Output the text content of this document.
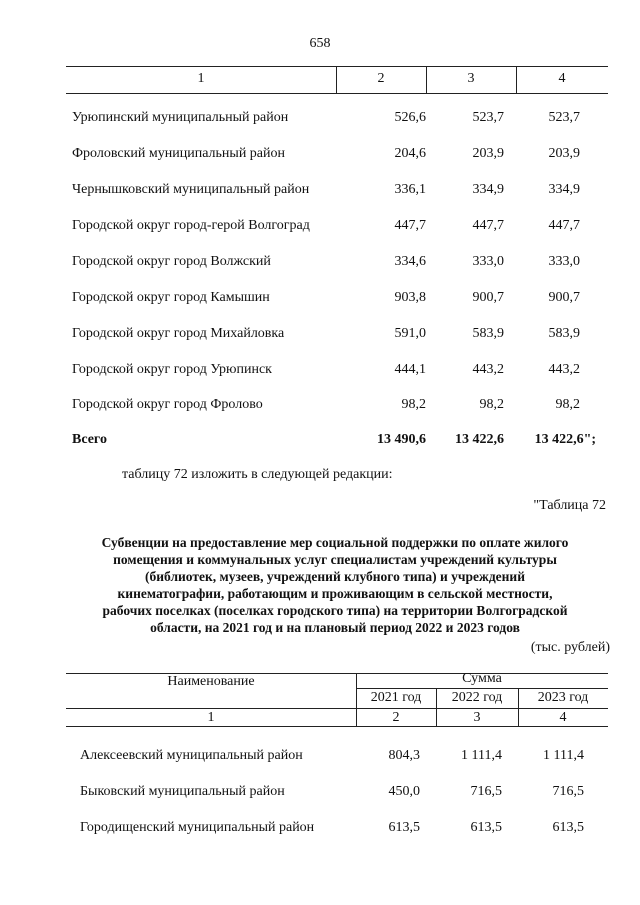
658
1	2	3	4
Урюпинский муниципальный район	526,6	523,7	523,7
Фроловский муниципальный район	204,6	203,9	203,9
Чернышковский муниципальный район	336,1	334,9	334,9
Городской округ город-герой Волгоград	447,7	447,7	447,7
Городской округ город Волжский	334,6	333,0	333,0
Городской округ город Камышин	903,8	900,7	900,7
Городской округ город Михайловка	591,0	583,9	583,9
Городской округ город Урюпинск	444,1	443,2	443,2
Городской округ город Фролово	98,2	98,2	98,2
Всего	13 490,6	13 422,6	13 422,6";
таблицу 72 изложить в следующей редакции:
"Таблица 72
Субвенции на предоставление мер социальной поддержки по оплате жилого
помещения и коммунальных услуг специалистам учреждений культуры
(библиотек, музеев, учреждений клубного типа) и учреждений
кинематографии, работающим и проживающим в сельской местности,
рабочих поселках (поселках городского типа) на территории Волгоградской
области, на 2021 год и на плановый период 2022 и 2023 годов
(тыс. рублей)
Наименование	Сумма
2021 год	2022 год	2023 год
1	2	3	4
Алексеевский муниципальный район	804,3	1 111,4	1 111,4
Быковский муниципальный район	450,0	716,5	716,5
Городищенский муниципальный район	613,5	613,5	613,5
